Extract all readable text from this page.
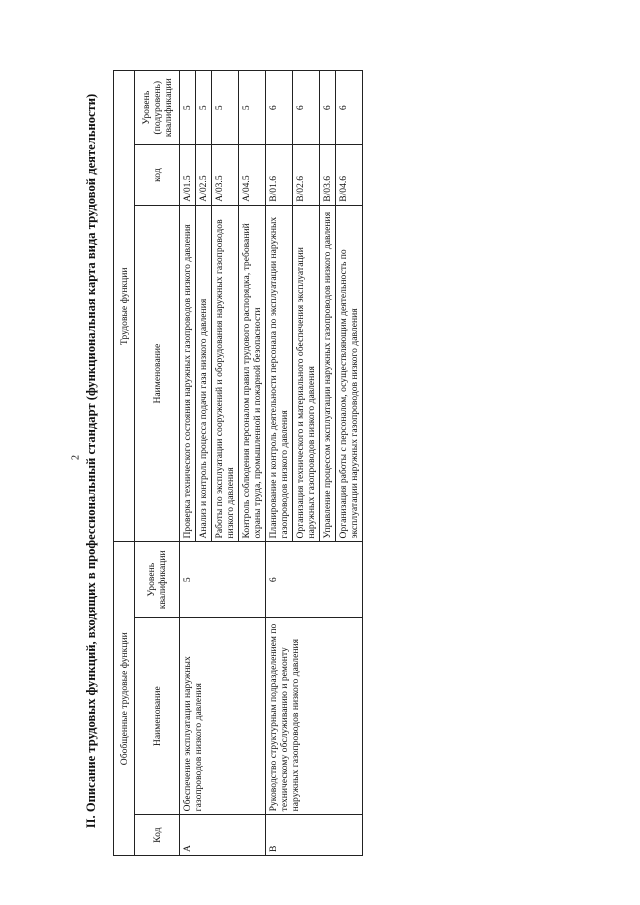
2 II. Описание трудовых функций, входящих в профессиональный стандарт (функциональная карта вида трудовой деятельности) Обобщенные трудовые функции			Трудовые функции		
Код	Наименование	Уровень квалификации	Наименование	код	Уровень (подуровень) квалификации
A	Обеспечение эксплуатации наружных газопроводов низкого давления	5	Проверка технического состояния наружных газопроводов низкого давления	A/01.5	5
			Анализ и контроль процесса подачи газа низкого давления	A/02.5	5
			Работы по эксплуатации сооружений и оборудования наружных газопроводов низкого давления	A/03.5	5
			Контроль соблюдения персоналом правил трудового распорядка, требований охраны труда, промышленной и пожарной безопасности	A/04.5	5
B	Руководство структурным подразделением по техническому обслуживанию и ремонту наружных газопроводов низкого давления	6	Планирование и контроль деятельности персонала по эксплуатации наружных газопроводов низкого давления	B/01.6	6
			Организация технического и материального обеспечения эксплуатации наружных газопроводов низкого давления	B/02.6	6
			Управление процессом эксплуатации наружных газопроводов низкого давления	B/03.6	6
			Организация работы с персоналом, осуществляющим деятельность по эксплуатации наружных газопроводов низкого давления	B/04.6	6
